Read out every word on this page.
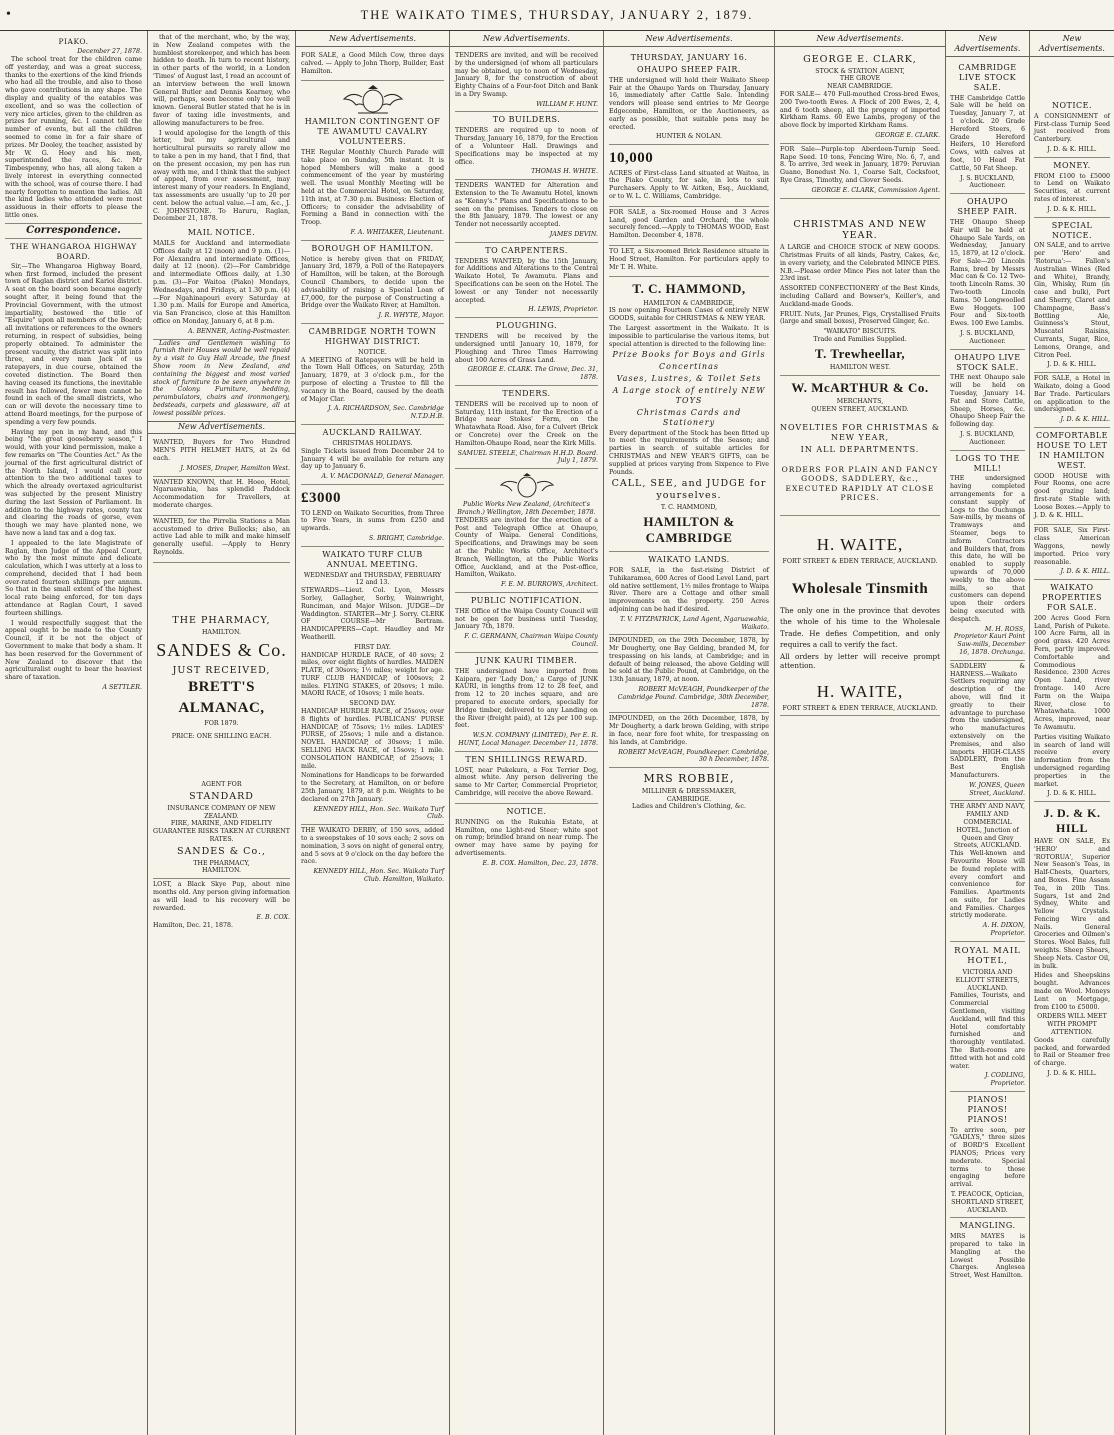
•	THE WAIKATO TIMES, THURSDAY, JANUARY 2, 1879.
PIAKO.
December 27, 1878.

The school treat for the children came off yesterday, and was a great success, thanks to the exertions of the kind friends who had all the trouble, and also to those who gave contributions in any shape. The display and quality of the eatables was excellent, and so was the collection of very nice articles, given to the children as prizes for running, &c. I cannot tell the number of events, but all the children seemed to come in for a fair share of prizes. Mr Dooley, the teacher, assisted by Mr W. G. Hoey and his men, superintended the races, &c. Mr Timbespenny, who has, all along taken a lively interest in everything connected with the school, was of course there. I had nearly forgotten to mention the ladies. All the kind ladies who attended were most assiduous in their efforts to please the little ones.

Correspondence.
THE WHANGAROA HIGHWAY BOARD.

Sir,—The Whangaroa Highway Board, when first formed, included the present town of Raglan district and Karioi district. A seat on the board soon became eagerly sought after, it being found that the Provincial Government, with the utmost impartiality, bestowed the title of "Esquire" upon all members of the Board; all invitations or references to the owners returning, in respect of subsidies, being properly obtained. To administer the present vacuity, the district was split into three, and every man Jack of us ratepayers, in due course, obtained the coveted distinction. The Board then having ceased its functions, the inevitable result has followed, fewer men cannot be found in each of the small districts, who can or will devote the necessary time to attend Board meetings, for the purpose of spending a very few pounds.

Having my pen in my hand, and this being "the great gooseberry season," I would, with your kind permission, make a few remarks on "The Counties Act." As the journal of the first agricultural district of the North Island, I would call your attention to the two additional taxes to which the already overtaxed agriculturist was subjected by the present Ministry during the last Session of Parliament. In addition to the highway rates, county tax and clearing the roads of gorse, even though we may have planted none, we have now a land tax and a dog tax.

I appealed to the late Magistrate of Raglan, then Judge of the Appeal Court, who by the most minute and delicate calculation, which I was utterly at a loss to comprehend, decided that I had been over-rated fourteen shillings per annum. So that in the small extent of the highest local rate being enforced, for ten days attendance at Raglan Court, I saved fourteen shillings.

I would respectfully suggest that the appeal ought to be made to the County Council, if it be not the object of Government to make that body a sham. It has been reserved for the Government of New Zealand to discover that the agriculturalist ought to bear the heaviest share of taxation.

A SETTLER.

that of the merchant, who, by the way, in New Zealand competes with the humblest storekeeper, and which has been hidden to death. In turn to recent history, in other parts of the world, in a London 'Times' of August last, I read an account of an interview between the well known General Butler and Dennis Kearney, who will, perhaps, soon become only too well known. General Butler stated that he is in favor of taxing idle investments, and allowing manufacturers to be free.

I would apologise for the length of this letter, but my agricultural and horticultural pursuits so rarely allow me to take a pen in my hand, that I find, that on the present occasion, my pen has run away with me, and I think that the subject of appeal, from over assessment, may interest many of your readers. In England, tax assessments are usually 'up to 20 per cent. below the actual value.—I am, &c., J. C. JOHNSTONE. To Haruru, Raglan, December 21, 1878.

MAIL NOTICE.

MAILS for Auckland and intermediate Offices daily at 12 (noon) and 9 p.m. (1)—For Alexandra and intermediate Offices, daily at 12 (noon). (2)—For Cambridge and intermediate Offices daily, at 1.30 p.m. (3)—For Waitoa (Piako) Mondays, Wednesdays, and Fridays, at 1.30 p.m. (4)—For Ngahinapouri every Saturday at 1.30 p.m. Mails for Europe and America, via San Francisco, close at this Hamilton office on Monday, January 6, at 8 p.m.

A. BENNER, Acting-Postmaster.

Ladies and Gentlemen wishing to furnish their Houses would be well repaid by a visit to Guy Hall Arcade, the finest Show room in New Zealand, and containing the biggest and most varied stock of furniture to be seen anywhere in the Colony. Furniture, bedding, perambulators, chairs and ironmongery, bedsteads, carpets and glassware, all at lowest possible prices.

New Advertisements.

WANTED, Buyers for Two Hundred MEN'S PITH HELMET HATS, at 2s 6d each.

J. MOSES, Draper, Hamilton West.

WANTED KNOWN, that H. Hoeo, Hotel, Ngaruawahia, has splendid Paddock Accommodation for Travellers, at moderate charges.

WANTED, for the Pirrelia Stations a Man accustomed to drive Bullocks; also, an active Lad able to milk and make himself generally useful. —Apply to Henry Reynolds.

THE PHARMACY,
HAMILTON.
SANDES & Co.
JUST RECEIVED,
BRETT'S
ALMANAC,
FOR 1879.
PRICE: ONE SHILLING EACH.
AGENT FOR
STANDARD
INSURANCE COMPANY OF NEW ZEALAND.
FIRE, MARINE, AND FIDELITY GUARANTEE RISKS TAKEN AT CURRENT RATES.
SANDES & Co.,
THE PHARMACY,
HAMILTON.

LOST, a Black Skye Pup, about nine months old. Any person giving information as will lead to his recovery will be rewarded.

E. B. COX.
Hamilton, Dec. 21, 1878.
New Advertisements.

FOR SALE, a Good Milch Cow, three days calved. — Apply to John Thorp, Builder, East Hamilton.

HAMILTON CONTINGENT OF TE AWAMUTU CAVALRY VOLUNTEERS.

THE Regular Monthly Church Parade will take place on Sunday, 5th instant. It is hoped Members will make a good commencement of the year by mustering well. The usual Monthly Meeting will be held at the Commercial Hotel, on Saturday, 11th inst, at 7.30 p.m. Business: Election of Officers; to consider the advisability of Forming a Band in connection with the Troop.

F. A. WHITAKER, Lieutenant.
BOROUGH OF HAMILTON.

Notice is hereby given that on FRIDAY, January 3rd, 1879, a Poll of the Ratepayers of Hamilton, will be taken, at the Borough Council Chambers, to decide upon the advisability of raising a Special Loan of £7,000, for the purpose of Constructing a Bridge over the Waikato River, at Hamilton.

J. R. WHYTE, Mayor.
CAMBRIDGE NORTH TOWN HIGHWAY DISTRICT.
NOTICE.

A MEETING of Ratepayers will be held in the Town Hall Offices, on Saturday, 25th January, 1879, at 3 o'clock p.m., for the purpose of electing a Trustee to fill the vacancy in the Board, caused by the death of Major Clar.

J. A. RICHARDSON, Sec. Cambridge N.T.D.H.B.
AUCKLAND RAILWAY.
CHRISTMAS HOLIDAYS.

Single Tickets issued from December 24 to January 4 will be available for return any day up to January 6.

A. V. MACDONALD, General Manager.
£3000

TO LEND on Waikato Securities, from Three to Five Years, in sums from £250 and upwards.

S. BRIGHT, Cambridge.
WAIKATO TURF CLUB ANNUAL MEETING.
WEDNESDAY and THURSDAY, FEBRUARY 12 and 13.

STEWARDS—Lieut. Col. Lyon, Messrs Sorley, Gallagher, Sorby, Wainwright, Runciman, and Major Wilson. JUDGE—Dr Waddington. STARTER—Mr J. Sorry. CLERK OF COURSE—Mr Bertram. HANDICAPPERS—Capt. Haudley and Mr Weatherill.

FIRST DAY.

HANDICAP HURDLE RACE, of 40 sovs; 2 miles, over eight flights of hurdles. MAIDEN PLATE, of 30sovs; 1½ miles; weight for age. TURF CLUB HANDICAP, of 100sovs; 2 miles. FLYING STAKES, of 20sovs; 1 mile. MAORI RACE, of 10sovs; 1 mile heats.

SECOND DAY.

HANDICAP HURDLE RACE, of 25sovs; over 8 flights of hurdles. PUBLICANS' PURSE HANDICAP, of 75sovs; 1½ miles. LADIES' PURSE, of 25sovs; 1 mile and a distance. NOVEL HANDICAP, of 30sovs; 1 mile. SELLING HACK RACE, of 15sovs; 1 mile. CONSOLATION HANDICAP, of 25sovs; 1 mile.

Nominations for Handicaps to be forwarded to the Secretary, at Hamilton, on or before 25th January, 1879, at 8 p.m. Weights to be declared on 27th January.

KENNEDY HILL, Hon. Sec. Waikato Turf Club.

THE WAIKATO DERBY, of 150 sovs, added to a sweepstakes of 10 sovs each; 2 sovs on nomination, 3 sovs on night of general entry, and 5 sovs at 9 o'clock on the day before the race.

KENNEDY HILL, Hon. Sec. Waikato Turf Club. Hamilton, Waikato.
New Advertisements.

TENDERS are invited, and will be received by the undersigned (of whom all particulars may be obtained, up to noon of Wednesday, January 8, for the construction of about Eighty Chains of a Four-foot Ditch and Bank in a Dry Swamp.

WILLIAM F. HUNT.
TO BUILDERS.

TENDERS are required up to noon of Thursday, January 16, 1879, for the Erection of a Volunteer Hall. Drawings and Specifications may be inspected at my office.

THOMAS H. WHITE.

TENDERS WANTED for Alteration and Extension to the Te Awamutu Hotel, known as "Kenny's." Plans and Specifications to be seen on the premises. Tenders to close on the 8th January, 1879. The lowest or any Tender not necessarily accepted.

JAMES DEVIN.
TO CARPENTERS.

TENDERS WANTED, by the 15th January, for Additions and Alterations to the Central Waikato Hotel, Te Awamutu. Plans and Specifications can be seen on the Hotel. The lowest or any Tender not necessarily accepted.

H. LEWIS, Proprietor.
PLOUGHING.

TENDERS will be received by the undersigned until January 10, 1879, for Ploughing and Three Times Harrowing about 100 Acres of Grass Land.

GEORGE E. CLARK. The Grove, Dec. 31, 1878.
TENDERS.

TENDERS will be received up to noon of Saturday, 11th instant, for the Erection of a Bridge near Stokes' Ferm, on the Whatawhata Road. Also, for a Culvert (Brick or Concrete) over the Creek on the Hamilton-Ohaupo Road, near the Kirk Mills.

SAMUEL STEELE, Chairman H.H.D. Board. July 1, 1879.
Public Works New Zealand, (Architect's Branch.) Wellington, 18th December, 1878.

TENDERS are invited for the erection of a Post and Telegraph Office at Ohaupo, County of Waipa. General Conditions, Specifications, and Drawings may be seen at the Public Works Office, Architect's Branch, Wellington, at the Public Works Office, Auckland, and at the Post-office, Hamilton, Waikato.

F. E. M. BURROWS, Architect.
PUBLIC NOTIFICATION.

THE Office of the Waipa County Council will not be open for business until Tuesday, January 7th, 1879.

F. C. GERMANN, Chairman Waipa County Council.
JUNK KAURI TIMBER.

THE undersigned have imported from Kaipara, per 'Lady Don,' a Cargo of JUNK KAURI, in lengths from 12 to 28 feet, and from 12 to 20 inches square, and are prepared to execute orders, specially for Bridge timber, delivered to any Landing on the River (freight paid), at 12s per 100 sup. feet.

W.S.N. COMPANY (LIMITED), Per E. R. HUNT, Local Manager. December 11, 1878.
TEN SHILLINGS REWARD.

LOST, near Pukekura, a Fox Terrier Dog, almost white. Any person delivering the same to Mr Carter, Commercial Proprietor, Cambridge, will receive the above Reward.

NOTICE.

RUNNING on the Rukuhia Estate, at Hamilton, one Light-red Steer; white spot on rump; brindled brand on near rump. The owner may have same by paying for advertisements.

E. B. COX. Hamilton, Dec. 23, 1878.
New Advertisements.
THURSDAY, JANUARY 16.
OHAUPO SHEEP FAIR.

THE undersigned will hold their Waikato Sheep Fair at the Ohaupo Yards on Thursday, January 16, immediately after Cattle Sale. Intending vendors will please send entries to Mr George Edgecombe, Hamilton, or the Auctioneers, as early as possible, that suitable pens may be erected.

HUNTER & NOLAN.
10,000

ACRES of First-class Land situated at Waitoa, in the Piako County, for sale, in lots to suit Purchasers. Apply to W. Aitken, Esq., Auckland, or to W. L. C. Williams, Cambridge.

FOR SALE, a Six-roomed House and 3 Acres Land, good Garden and Orchard; the whole securely fenced.—Apply to THOMAS WOOD, East Hamilton. December 4, 1878.

TO LET, a Six-roomed Brick Residence situate in Hood Street, Hamilton. For particulars apply to Mr T. H. White.

T. C. HAMMOND,
HAMILTON & CAMBRIDGE,

IS now opening Fourteen Cases of entirely NEW GOODS, suitable for CHRISTMAS & NEW YEAR.

The Largest assortment in the Waikato. It is impossible to particularise the various items, but special attention is directed to the following line:

Prize Books for Boys and Girls
Concertinas
Vases, Lustres, & Toilet Sets
A Large stock of entirely NEW TOYS
Christmas Cards and Stationery

Every department of the Stock has been fitted up to meet the requirements of the Season; and parties in search of suitable articles for CHRISTMAS and NEW YEAR'S GIFTS, can be supplied at prices varying from Sixpence to Five Pounds.

CALL, SEE, and JUDGE for yourselves.
T. C. HAMMOND,
HAMILTON & CAMBRIDGE
WAIKATO LANDS.

FOR SALE, in the fast-rising District of Tuhikaramea, 600 Acres of Good Level Land, part old native settlement, 1½ miles frontage to Waipa River. There are a Cottage and other small improvements on the property. 250 Acres adjoining can be had if desired.

T. V. FITZPATRICK, Land Agent, Ngaruawahia, Waikato.

IMPOUNDED, on the 29th December, 1878, by Mr Dougherty, one Bay Gelding, branded M, for trespassing on his lands, at Cambridge; and in default of being released, the above Gelding will be sold at the Public Pound, at Cambridge, on the 13th January, 1879, at noon.

ROBERT McVEAGH, Poundkeeper of the Cambridge Pound. Cambridge, 30th December, 1878.

IMPOUNDED, on the 26th December, 1878, by Mr Dougherty, a dark brown Gelding, with stripe in face, near fore foot white, for trespassing on his lands, at Cambridge.

ROBERT McVEAGH, Poundkeeper. Cambridge, 30 h December, 1878.
MRS ROBBIE,
MILLINER & DRESSMAKER,
CAMBRIDGE.
Ladies and Children's Clothing, &c.
New Advertisements.
GEORGE E. CLARK,
STOCK & STATION AGENT,
THE GROVE
NEAR CAMBRIDGE.

FOR SALE— 470 Full-mouthed Cross-bred Ewes, 200 Two-tooth Ewes. A Flock of 200 Ewes, 2, 4, and 6 tooth sheep, all the progeny of imported Kirkham Rams. 60 Ewe Lambs, progeny of the above flock by imported Kirkham Rams.

GEORGE E. CLARK.

FOR Sale—Purple-top Aberdeen-Turnip Seed. Rape Seed. 10 tons, Fencing Wire, No. 6, 7, and 8. To arrive, 3rd week in January, 1879: Peruvian Guano, Bonedust No. 1, Coarse Salt, Cocksfoot, Rye Grass, Timothy, and Clover Seeds.

GEORGE E. CLARK, Commission Agent.
CHRISTMAS AND NEW YEAR.

A LARGE and CHOICE STOCK of NEW GOODS. Christmas Fruits of all kinds, Pastry, Cakes, &c, in every variety, and the Celebrated MINCE PIES. N.B.—Please order Mince Pies not later than the 23rd inst.

ASSORTED CONFECTIONERY of the Best Kinds, including Callard and Bowser's, Keiller's, and Auckland-made Goods.

FRUIT. Nuts, Jar Prunes, Figs, Crystallised Fruits (large and small boxes), Preserved Ginger, &c.

"WAIKATO" BISCUITS.
Trade and Families Supplied.
T. Trewheellar,
HAMILTON WEST.
W. McARTHUR & Co.
MERCHANTS,
QUEEN STREET, AUCKLAND.
NOVELTIES FOR CHRISTMAS & NEW YEAR,
IN ALL DEPARTMENTS.
ORDERS FOR PLAIN AND FANCY GOODS, SADDLERY, &c., EXECUTED RAPIDLY AT CLOSE PRICES.
H. WAITE,
FORT STREET & EDEN TERRACE, AUCKLAND.
Wholesale Tinsmith

The only one in the province that devotes the whole of his time to the Wholesale Trade. He defies Competition, and only requires a call to verify the fact.

All orders by letter will receive prompt attention.

H. WAITE,
FORT STREET & EDEN TERRACE, AUCKLAND.
New Advertisements.
CAMBRIDGE LIVE STOCK SALE.

THE Cambridge Cattle Sale will be held on Tuesday, January 7, at 1 o'clock. 20 Grade Hereford Steers, 6 Grade Hereford Heifers, 10 Hereford Cows, with calves at foot, 10 Head Fat Cattle, 50 Fat Sheep.

J. S. BUCKLAND, Auctioneer.
OHAUPO SHEEP FAIR.

THE Ohaupo Sheep Fair will be held at Ohaupo Sale Yards, on Wednesday, January 15, 1879, at 12 o'clock. For Sale—20 Lincoln Rams, bred by Messrs Mac can & Co. 12 Two-tooth Lincoln Rams. 30 Two-tooth Lincoln Rams. 50 Longwoolled Ewe Hoggets. 100 Four and Six-tooth Ewes. 100 Ewe Lambs.

J. S. BUCKLAND, Auctioneer.
OHAUPO LIVE STOCK SALE.

THE next Ohaupo sale will be held on Tuesday, January 14. Fat and Store Cattle, Sheep, Horses, &c. Ohaupo Sheep Fair the following day.

J. S. BUCKLAND, Auctioneer.
LOGS TO THE MILL!

THE undersigned having completed arrangements for a constant supply of Logs to the Ouchunga Saw-mills, by means of Tramways and Steamer, begs to inform Contractors and Builders that, from this date, he will be enabled to supply upwards of 70,000 weekly to the above mills, so that customers can depend upon their orders being executed with despatch.

M. H. ROSS, Proprietor Kauri Point Saw-mills, December 16, 1878. Orchunga.

SADDLERY & HARNESS.—Waikato Settlers requiring any description of the above, will find it greatly to their advantage to purchase from the undersigned, who manufactures extensively on the Premises, and also imports HIGH-CLASS SADDLERY, from the Best English Manufacturers.

W. JONES, Queen Street, Auckland.
THE ARMY AND NAVY, FAMILY AND COMMERCIAL HOTEL, Junction of Queen and Grey Streets, AUCKLAND.

This Well-known and Favourite House will be found replete with every comfort and convenience for Families. Apartments en suite, for Ladies and Families. Charges strictly moderate.

A. H. DIXON, Proprietor.
ROYAL MAIL HOTEL,
VICTORIA AND ELLIOTT STREETS, AUCKLAND.

Families, Tourists, and Commercial Gentlemen, visiting Auckland, will find this Hotel comfortably furnished and thoroughly ventilated. The Bath-rooms are fitted with hot and cold water.

J. CODLING, Proprietor.
PIANOS! PIANOS! PIANOS!

To arrive soon, per "GADLYS," three sizes of BORD'S Excellent PIANOS; Prices very moderate. Special terms to those engaging before arrival.

T. PEACOCK, Optician, SHORTLAND STREET, AUCKLAND.
MANGLING.

MRS MAYES is prepared to take in Mangling at the Lowest Possible Charges. Anglesea Street, West Hamilton.

New Advertisements.
NOTICE.

A CONSIGNMENT of First-class Turnip Seed just received from Canterbury.

J. D. & K. HILL.
MONEY.

FROM £100 to £5000 to Lend on Waikato Securities, at current rates of interest.

J. D. & K. HILL.
SPECIAL NOTICE.

ON SALE, and to arrive per 'Hero' and 'Rotorua':— Fallon's Australian Wines (Red and White), Brandy, Gin, Whisky, Rum (in case and bulk), Port and Sherry, Claret and Champagne, Bass's Bottling Ale, Guinness's Stout, Muscatel Raisins, Currants, Sugar, Rice, Lemons, Orange, and Citron Peel.

J. D. & K. HILL.

FOR SALE, a Hotel in Waikato, doing a Good Bar Trade. Particulars on application to the undersigned.

J. D. & K. HILL.
COMFORTABLE HOUSE TO LET IN HAMILTON WEST.

GOOD HOUSE with Four Rooms, one acre good grazing land; first-rate Stable with Loose Boxes.—Apply to J. D. & K. HILL.

FOR SALE, Six First-class American Waggons, newly imported. Price very reasonable.

J. D. & K. HILL.
WAIKATO PROPERTIES FOR SALE.

200 Acres Good Fern Land, Parish of Pukete. 100 Acre Farm, all in good grass. 420 Acres Fern, partly improved. Comfortable and Commodious Residence. 2300 Acres Open Land, river frontage. 140 Acre Farm on the Waipa River, close to Whatawhata. 1000 Acres, improved, near Te Awamutu.

Parties visiting Waikato in search of land will receive every information from the undersigned regarding properties in the market.

J. D. & K. HILL.
J. D. & K. HILL

HAVE ON SALE, Ex 'HERO' and 'ROTORUA', Superior New Season's Teas, in Half-Chests, Quarters, and Boxes. Fine Assam Tea, in 20lb Tins. Sugars, 1st and 2nd Sydney, White and Yellow Crystals. Fencing Wire and Nails. General Groceries and Oilmen's Stores. Wool Bales, full weights. Sheep Shears, Sheep Nets. Castor Oil, in bulk.

Hides and Sheepskins bought. Advances made on Wool. Moneys Lent on Mortgage, from £100 to £5000.

ORDERS WILL MEET WITH PROMPT ATTENTION.

Goods carefully packed, and forwarded to Rail or Steamer free of charge.

J. D. & K. HILL.
